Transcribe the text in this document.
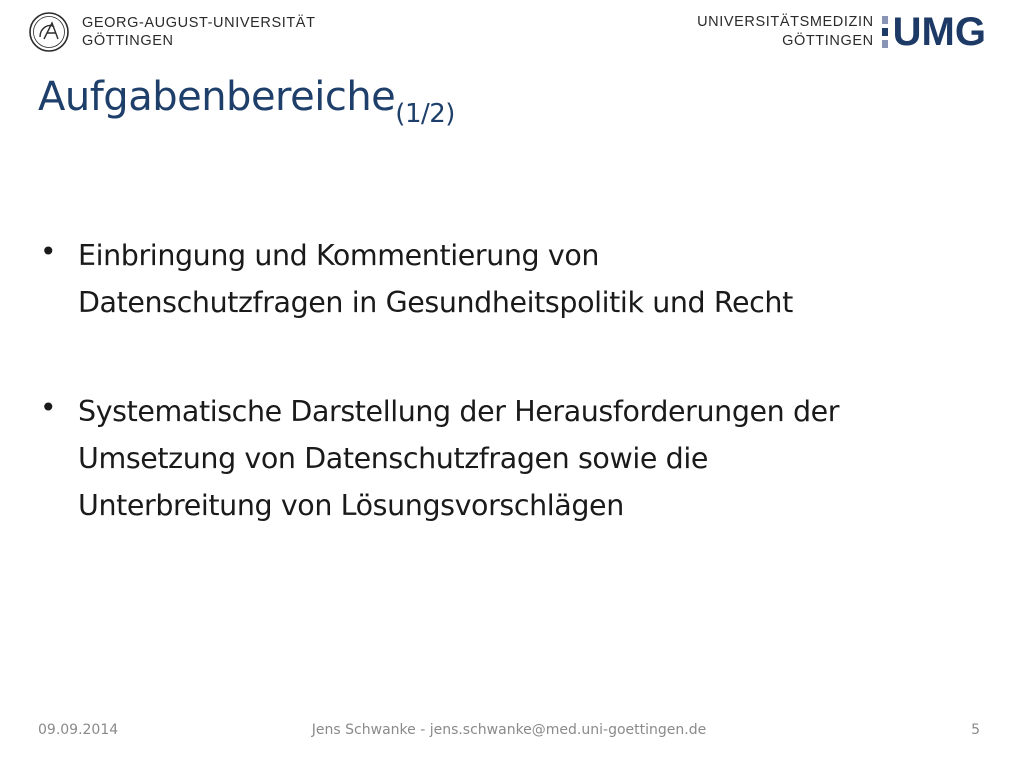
GEORG-AUGUST-UNIVERSITÄT
GÖTTINGEN
UNIVERSITÄTSMEDIZIN
GÖTTINGEN UMG
Aufgabenbereiche$_{(1/2)}$
• Einbringung und Kommentierung von
Datenschutzfragen in Gesundheitspolitik und Recht
• Systematische Darstellung der Herausforderungen der
Umsetzung von Datenschutzfragen sowie die
Unterbreitung von Lösungsvorschlägen
09.09.2014	Jens Schwanke - jens.schwanke@med.uni-goettingen.de	5
